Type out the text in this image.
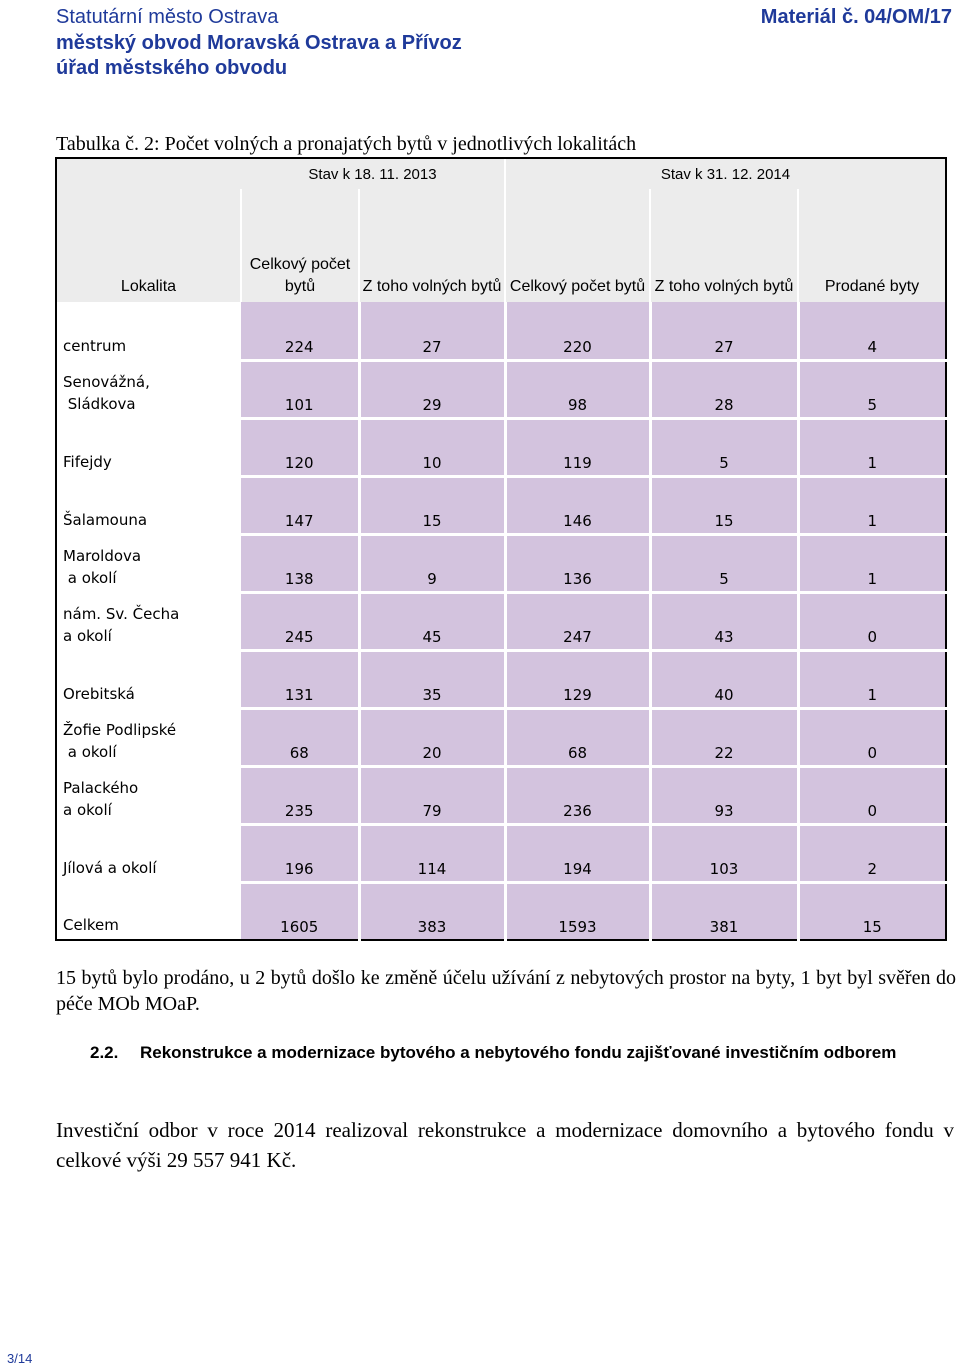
Statutární město Ostrava
městský obvod Moravská Ostrava a Přívoz
úřad městského obvodu
Materiál č. 04/OM/17
Tabulka č. 2: Počet volných a pronajatých bytů v jednotlivých lokalitách
	Stav k 18. 11. 2013		Stav k 31. 12. 2014		
Lokalita	Celkový počet bytů	Z toho volných bytů	Celkový počet bytů	Z toho volných bytů	Prodané byty

centrum	224	27	220	27	4

Senovážná,
Sládkova	101	29	98	28	5

Fifejdy	120	10	119	5	1

Šalamouna	147	15	146	15	1

Maroldova
a okolí	138	9	136	5	1

nám. Sv. Čecha
a okolí	245	45	247	43	0

Orebitská	131	35	129	40	1

Žofie Podlipské
a okolí	68	20	68	22	0

Palackého
a okolí	235	79	236	93	0

Jílová a okolí	196	114	194	103	2

Celkem	1605	383	1593	381	15
15 bytů bylo prodáno, u 2 bytů došlo ke změně účelu užívání z nebytových prostor na byty, 1 byt byl svěřen do péče MOb MOaP.
2.2. Rekonstrukce a modernizace bytového a nebytového fondu zajišťované investičním odborem
Investiční odbor v roce 2014 realizoval rekonstrukce a modernizace domovního a bytového fondu v celkové výši 29 557 941 Kč.
3/14
